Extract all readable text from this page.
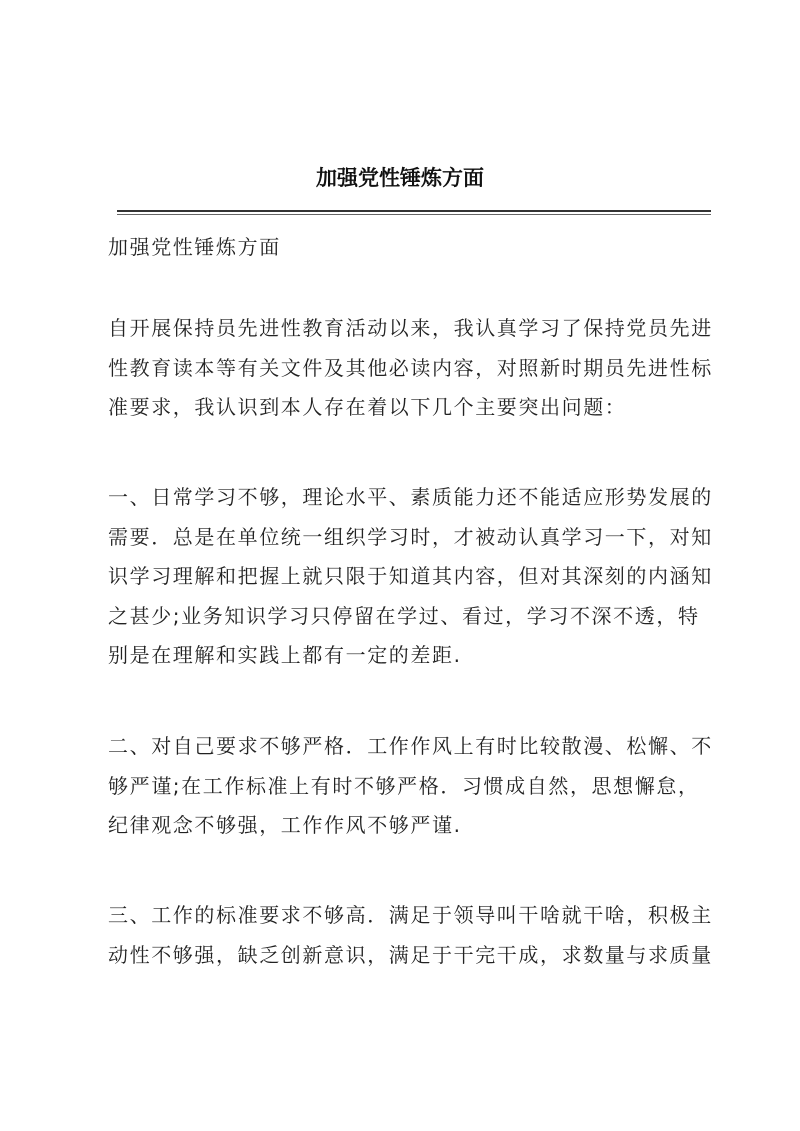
加强党性锤炼方面

加强党性锤炼方面

自开展保持员先进性教育活动以来，我认真学习了保持党员先进性教育读本等有关文件及其他必读内容，对照新时期员先进性标准要求，我认识到本人存在着以下几个主要突出问题：

一、日常学习不够，理论水平、素质能力还不能适应形势发展的需要．总是在单位统一组织学习时，才被动认真学习一下，对知识学习理解和把握上就只限于知道其内容，但对其深刻的内涵知之甚少;业务知识学习只停留在学过、看过，学习不深不透，特别是在理解和实践上都有一定的差距.

二、对自己要求不够严格．工作作风上有时比较散漫、松懈、不够严谨;在工作标准上有时不够严格．习惯成自然，思想懈怠，纪律观念不够强，工作作风不够严谨.

三、工作的标准要求不够高．满足于领导叫干啥就干啥，积极主动性不够强，缺乏创新意识，满足于干完干成，求数量与求质量
